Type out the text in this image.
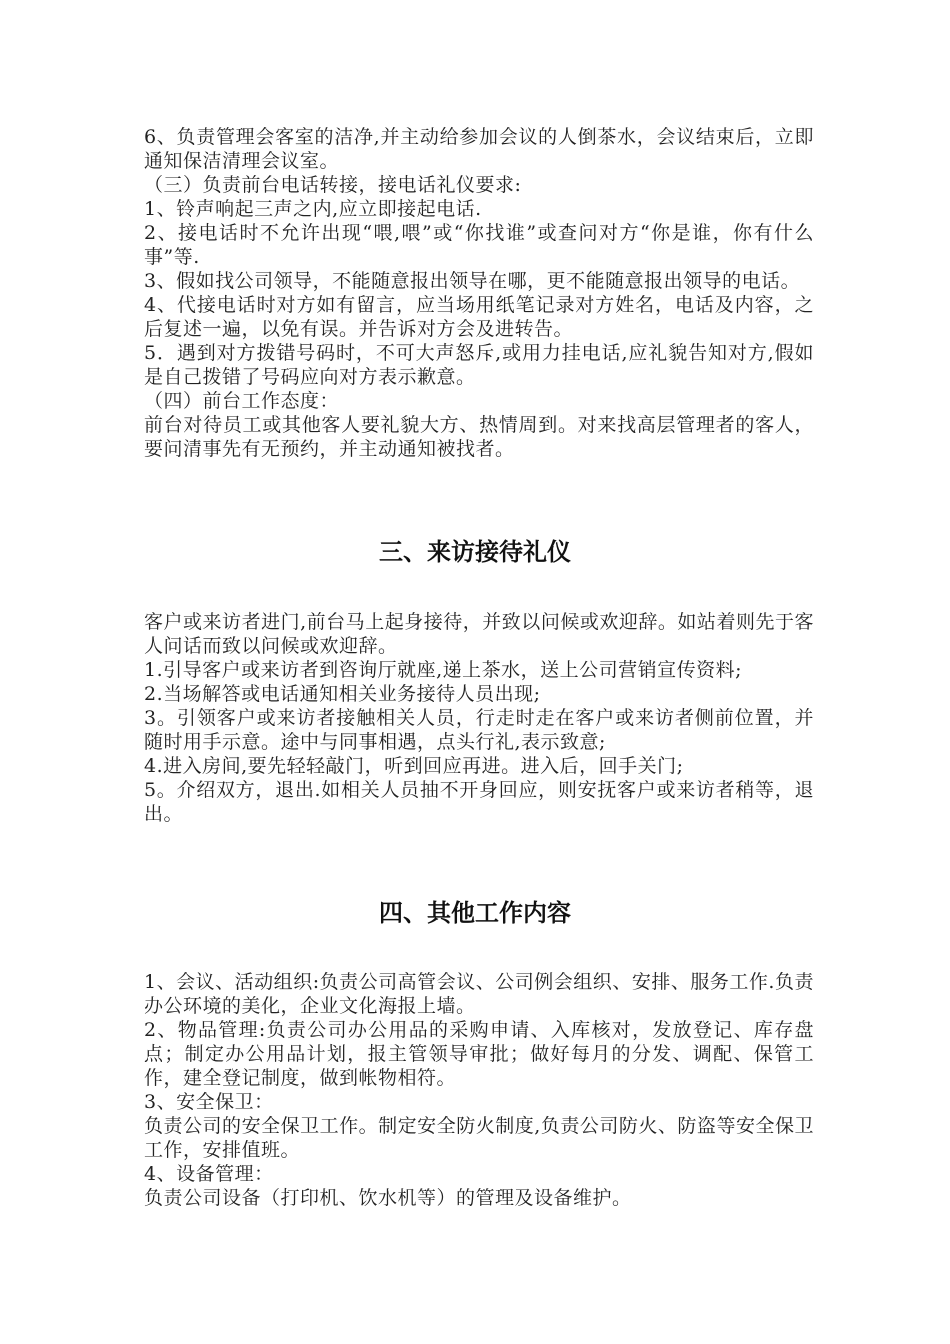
6、负责管理会客室的洁净,并主动给参加会议的人倒茶水，会议结束后，立即通知保洁清理会议室。

（三）负责前台电话转接，接电话礼仪要求:

1、铃声响起三声之内,应立即接起电话.

2、接电话时不允许出现“喂,喂”或“你找谁”或查问对方“你是谁，你有什么事”等.

3、假如找公司领导，不能随意报出领导在哪，更不能随意报出领导的电话。

4、代接电话时对方如有留言，应当场用纸笔记录对方姓名，电话及内容，之后复述一遍，以免有误。并告诉对方会及进转告。

5．遇到对方拨错号码时，不可大声怒斥,或用力挂电话,应礼貌告知对方,假如是自己拨错了号码应向对方表示歉意。

（四）前台工作态度：

前台对待员工或其他客人要礼貌大方、热情周到。对来找高层管理者的客人，要问清事先有无预约，并主动通知被找者。

三、来访接待礼仪

客户或来访者进门,前台马上起身接待，并致以问候或欢迎辞。如站着则先于客人问话而致以问候或欢迎辞。

1.引导客户或来访者到咨询厅就座,递上茶水，送上公司营销宣传资料;

2.当场解答或电话通知相关业务接待人员出现;

3。引领客户或来访者接触相关人员，行走时走在客户或来访者侧前位置，并随时用手示意。途中与同事相遇，点头行礼,表示致意;

4.进入房间,要先轻轻敲门，听到回应再进。进入后，回手关门;

5。介绍双方，退出.如相关人员抽不开身回应，则安抚客户或来访者稍等，退出。

四、其他工作内容

1、会议、活动组织:负责公司高管会议、公司例会组织、安排、服务工作.负责办公环境的美化，企业文化海报上墙。

2、物品管理:负责公司办公用品的采购申请、入库核对，发放登记、库存盘点；制定办公用品计划，报主管领导审批；做好每月的分发、调配、保管工作，建全登记制度，做到帐物相符。

3、安全保卫：

负责公司的安全保卫工作。制定安全防火制度,负责公司防火、防盗等安全保卫工作，安排值班。

4、设备管理：

负责公司设备（打印机、饮水机等）的管理及设备维护。
